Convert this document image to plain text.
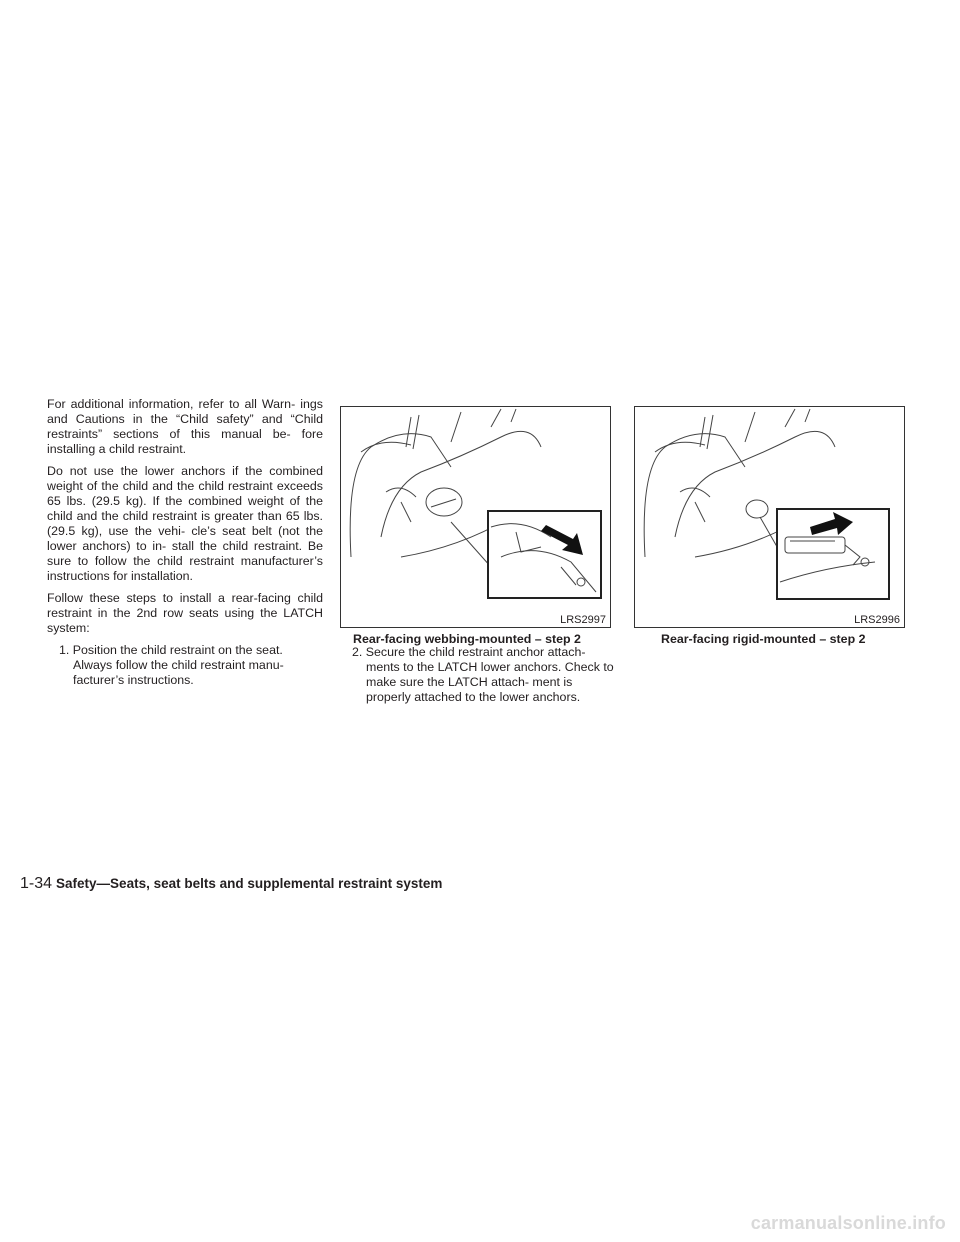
For additional information, refer to all Warn- ings and Cautions in the “Child safety” and “Child restraints” sections of this manual be- fore installing a child restraint.

Do not use the lower anchors if the combined weight of the child and the child restraint exceeds 65 lbs. (29.5 kg). If the combined weight of the child and the child restraint is greater than 65 lbs. (29.5 kg), use the vehi- cle’s seat belt (not the lower anchors) to in- stall the child restraint. Be sure to follow the child restraint manufacturer’s instructions for installation.

Follow these steps to install a rear-facing child restraint in the 2nd row seats using the LATCH system:

1. Position the child restraint on the seat. Always follow the child restraint manu- facturer’s instructions.

LRS2997
Rear-facing webbing-mounted – step 2

2. Secure the child restraint anchor attach- ments to the LATCH lower anchors. Check to make sure the LATCH attach- ment is properly attached to the lower anchors.

LRS2996
Rear-facing rigid-mounted – step 2
1-34 Safety—Seats, seat belts and supplemental restraint system
carmanualsonline.info
